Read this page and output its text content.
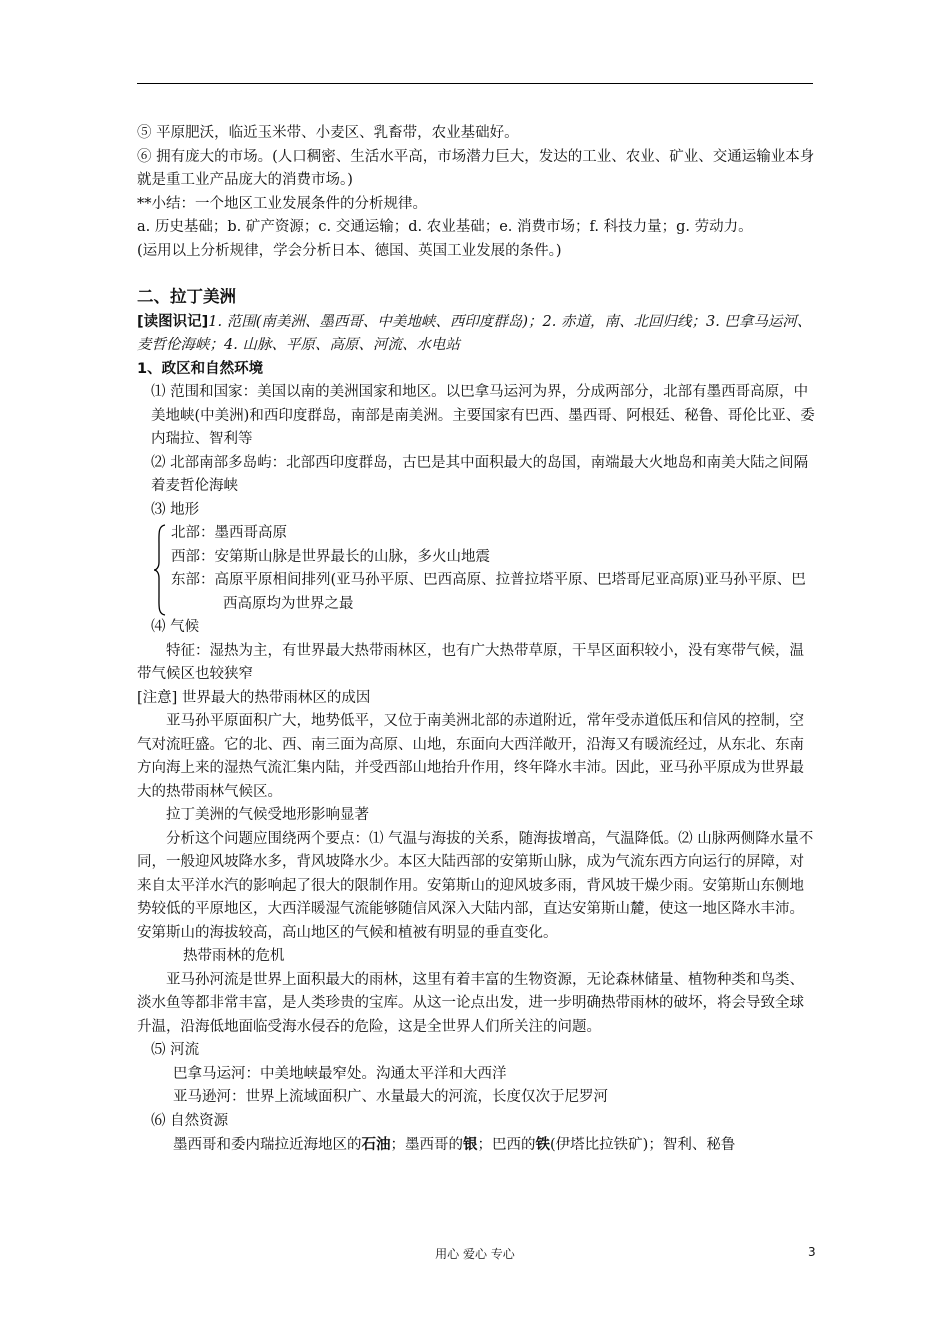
⑤ 平原肥沃，临近玉米带、小麦区、乳畜带，农业基础好。

⑥ 拥有庞大的市场。(人口稠密、生活水平高，市场潜力巨大，发达的工业、农业、矿业、交通运输业本身就是重工业产品庞大的消费市场。)

**小结：一个地区工业发展条件的分析规律。

a. 历史基础；b. 矿产资源；c. 交通运输；d. 农业基础；e. 消费市场；f. 科技力量；g. 劳动力。

(运用以上分析规律，学会分析日本、德国、英国工业发展的条件。)

二、拉丁美洲

[读图识记]1. 范围(南美洲、墨西哥、中美地峡、西印度群岛)；2. 赤道，南、北回归线；3. 巴拿马运河、麦哲伦海峡；4. 山脉、平原、高原、河流、水电站

1、政区和自然环境

⑴ 范围和国家：美国以南的美洲国家和地区。以巴拿马运河为界，分成两部分，北部有墨西哥高原，中美地峡(中美洲)和西印度群岛，南部是南美洲。主要国家有巴西、墨西哥、阿根廷、秘鲁、哥伦比亚、委内瑞拉、智利等

⑵ 北部南部多岛屿：北部西印度群岛，古巴是其中面积最大的岛国，南端最大火地岛和南美大陆之间隔着麦哲伦海峡

⑶ 地形

北部：墨西哥高原

西部：安第斯山脉是世界最长的山脉，多火山地震

东部：高原平原相间排列(亚马孙平原、巴西高原、拉普拉塔平原、巴塔哥尼亚高原)亚马孙平原、巴西高原均为世界之最

⑷ 气候

特征：湿热为主，有世界最大热带雨林区，也有广大热带草原，干旱区面积较小，没有寒带气候，温带气候区也较狭窄

[注意] 世界最大的热带雨林区的成因

亚马孙平原面积广大，地势低平，又位于南美洲北部的赤道附近，常年受赤道低压和信风的控制，空气对流旺盛。它的北、西、南三面为高原、山地，东面向大西洋敞开，沿海又有暖流经过，从东北、东南方向海上来的湿热气流汇集内陆，并受西部山地抬升作用，终年降水丰沛。因此，亚马孙平原成为世界最大的热带雨林气候区。

拉丁美洲的气候受地形影响显著

分析这个问题应围绕两个要点：⑴ 气温与海拔的关系，随海拔增高，气温降低。⑵ 山脉两侧降水量不同，一般迎风坡降水多，背风坡降水少。本区大陆西部的安第斯山脉，成为气流东西方向运行的屏障，对来自太平洋水汽的影响起了很大的限制作用。安第斯山的迎风坡多雨，背风坡干燥少雨。安第斯山东侧地势较低的平原地区，大西洋暖湿气流能够随信风深入大陆内部，直达安第斯山麓，使这一地区降水丰沛。安第斯山的海拔较高，高山地区的气候和植被有明显的垂直变化。

热带雨林的危机

亚马孙河流是世界上面积最大的雨林，这里有着丰富的生物资源，无论森林储量、植物种类和鸟类、淡水鱼等都非常丰富，是人类珍贵的宝库。从这一论点出发，进一步明确热带雨林的破坏，将会导致全球升温，沿海低地面临受海水侵吞的危险，这是全世界人们所关注的问题。

⑸ 河流

巴拿马运河：中美地峡最窄处。沟通太平洋和大西洋

亚马逊河：世界上流域面积广、水量最大的河流，长度仅次于尼罗河

⑹ 自然资源

墨西哥和委内瑞拉近海地区的石油；墨西哥的银；巴西的铁(伊塔比拉铁矿)；智利、秘鲁

用心 爱心 专心	3
